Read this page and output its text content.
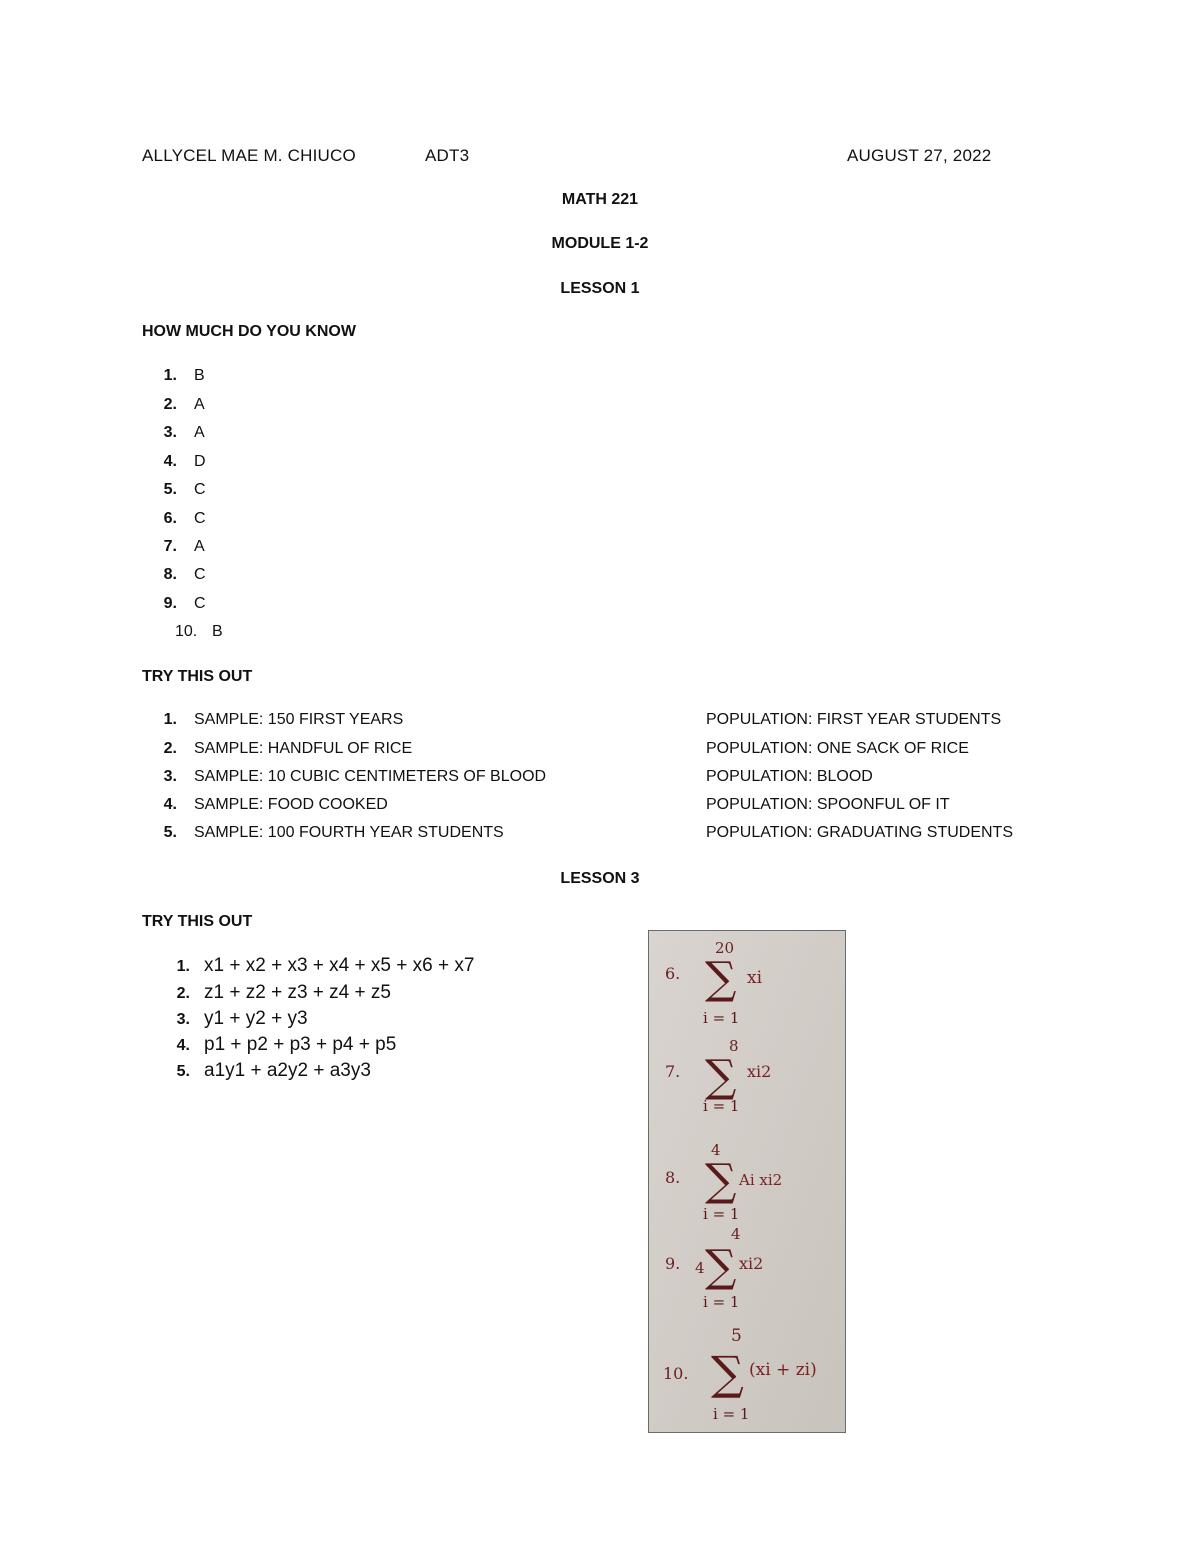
ALLYCEL MAE M. CHIUCO	ADT3	AUGUST 27, 2022
MATH 221
MODULE 1-2
LESSON 1
HOW MUCH DO YOU KNOW
1. B
2. A
3. A
4. D
5. C
6. C
7. A
8. C
9. C
10. B
TRY THIS OUT
1. SAMPLE: 150 FIRST YEARS	POPULATION: FIRST YEAR STUDENTS
2. SAMPLE: HANDFUL OF RICE	POPULATION: ONE SACK OF RICE
3. SAMPLE: 10 CUBIC CENTIMETERS OF BLOOD	POPULATION: BLOOD
4. SAMPLE: FOOD COOKED	POPULATION: SPOONFUL OF IT
5. SAMPLE: 100 FOURTH YEAR STUDENTS	POPULATION: GRADUATING STUDENTS
LESSON 3
TRY THIS OUT
1. x1 + x2 + x3 + x4 + x5 + x6 + x7
2. z1 + z2 + z3 + z4 + z5
3. y1 + y2 + y3
4. p1 + p2 + p3 + p4 + p5
5. a1y1 + a2y2 + a3y3
6.
20
∑ xi
i = 1
7.
8
∑ xi2
i = 1
8.
4
∑ Ai xi2
i = 1
9. 4
4
∑ xi2
i = 1
10.
5
∑ (xi + zi)
i = 1
